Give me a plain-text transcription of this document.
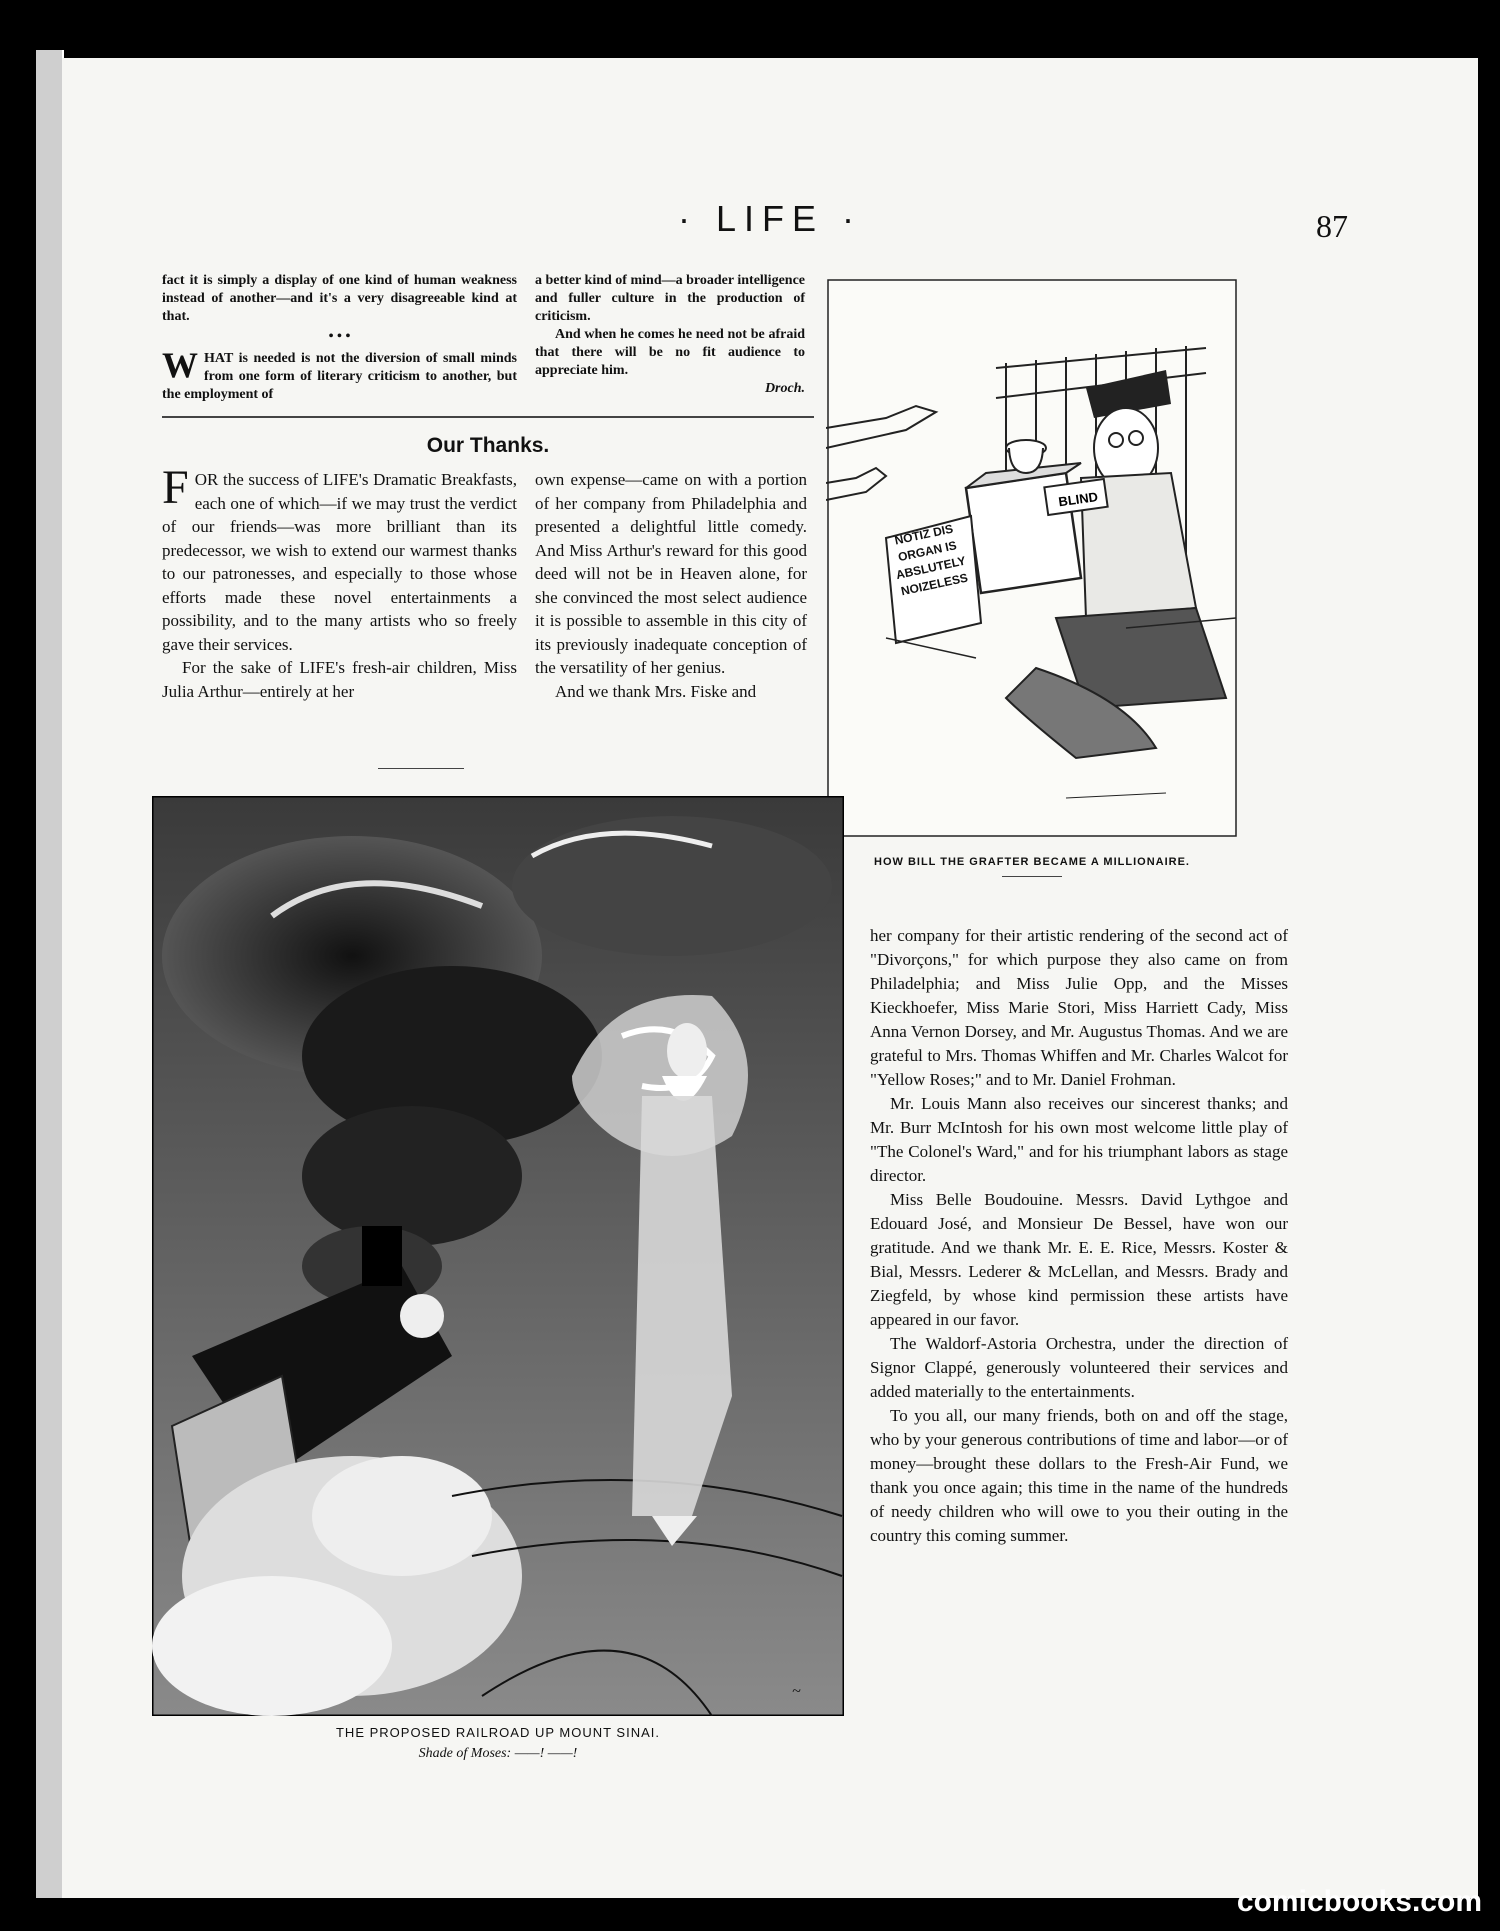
· LIFE ·	87

fact it is simply a display of one kind of human weakness instead of another—and it's a very disagreeable kind at that.

• • •

W HAT is needed is not the diversion of small minds from one form of literary criticism to another, but the employment of

a better kind of mind—a broader intelligence and fuller culture in the production of criticism.

And when he comes he need not be afraid that there will be no fit audience to appreciate him.

Droch.

Our Thanks.

F OR the success of LIFE's Dramatic Breakfasts, each one of which—if we may trust the verdict of our friends—was more brilliant than its predecessor, we wish to extend our warmest thanks to our patronesses, and especially to those whose efforts made these novel entertainments a possibility, and to the many artists who so freely gave their services.

For the sake of LIFE's fresh-air children, Miss Julia Arthur—entirely at her

own expense—came on with a portion of her company from Philadelphia and presented a delightful little comedy. And Miss Arthur's reward for this good deed will not be in Heaven alone, for she convinced the most select audience it is possible to assemble in this city of its previously inadequate conception of the versatility of her genius.

And we thank Mrs. Fiske and

BLIND
NOTIZ DIS ORGAN IS ABSLUTELY NOIZELESS
HOW BILL THE GRAFTER BECAME A MILLIONAIRE.
~
THE PROPOSED RAILROAD UP MOUNT SINAI.
Shade of Moses: ——! ——!

her company for their artistic rendering of the second act of "Divorçons," for which purpose they also came on from Philadelphia; and Miss Julie Opp, and the Misses Kieckhoefer, Miss Marie Stori, Miss Harriett Cady, Miss Anna Vernon Dorsey, and Mr. Augustus Thomas. And we are grateful to Mrs. Thomas Whiffen and Mr. Charles Walcot for "Yellow Roses;" and to Mr. Daniel Frohman.

Mr. Louis Mann also receives our sincerest thanks; and Mr. Burr McIntosh for his own most welcome little play of "The Colonel's Ward," and for his triumphant labors as stage director.

Miss Belle Boudouine. Messrs. David Lythgoe and Edouard José, and Monsieur De Bessel, have won our gratitude. And we thank Mr. E. E. Rice, Messrs. Koster & Bial, Messrs. Lederer & McLellan, and Messrs. Brady and Ziegfeld, by whose kind permission these artists have appeared in our favor.

The Waldorf-Astoria Orchestra, under the direction of Signor Clappé, generously volunteered their services and added materially to the entertainments.

To you all, our many friends, both on and off the stage, who by your generous contributions of time and labor—or of money—brought these dollars to the Fresh-Air Fund, we thank you once again; this time in the name of the hundreds of needy children who will owe to you their outing in the country this coming summer.

comicbooks.com
